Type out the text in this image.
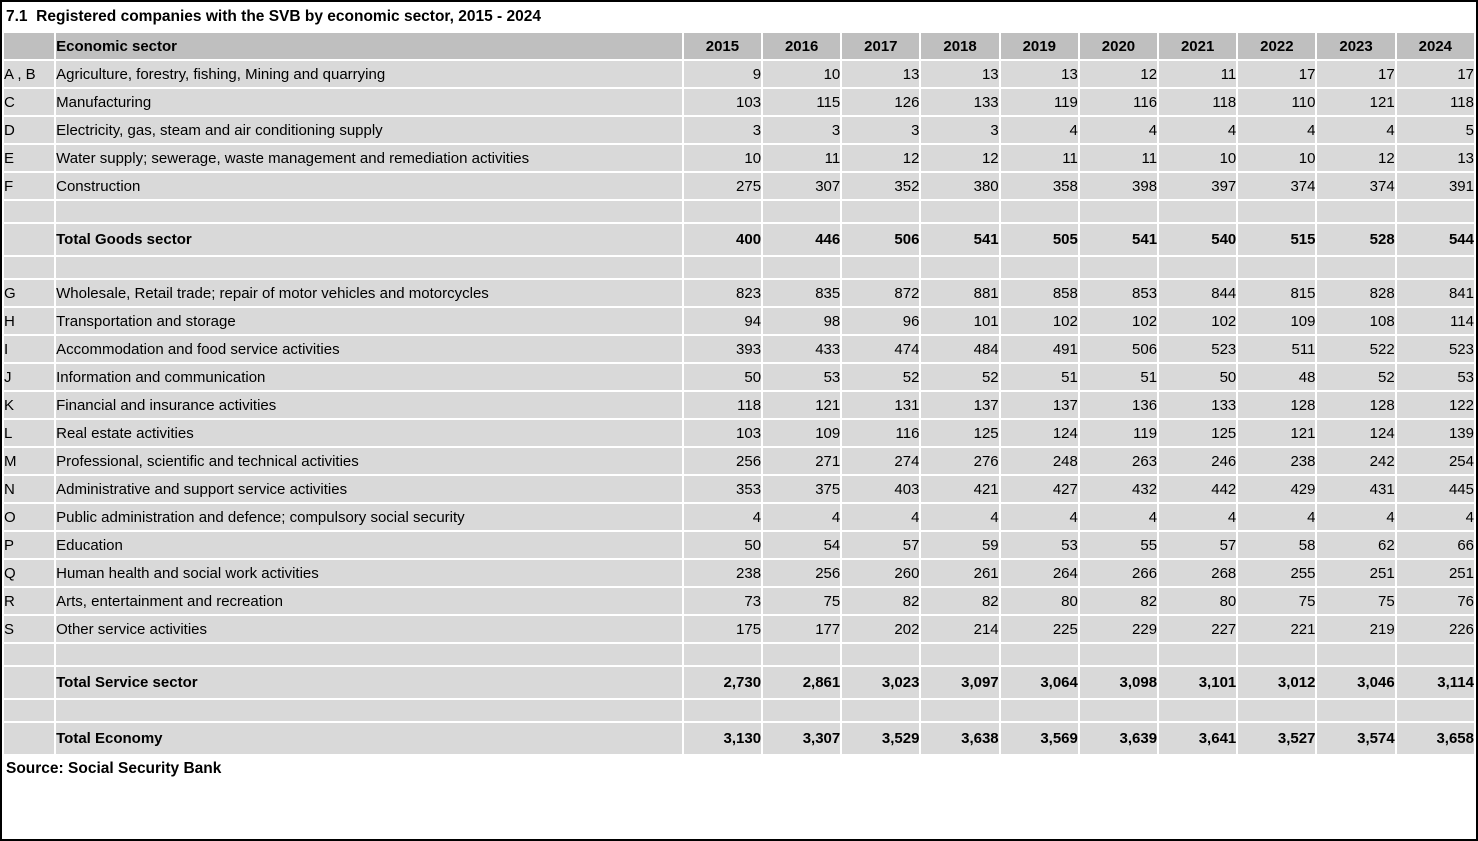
7.1  Registered companies with the SVB by economic sector, 2015 - 2024
	Economic sector	2015	2016	2017	2018	2019	2020	2021	2022	2023	2024
A , B	Agriculture, forestry, fishing, Mining and quarrying	9	10	13	13	13	12	11	17	17	17
C	Manufacturing	103	115	126	133	119	116	118	110	121	118
D	Electricity, gas, steam and air conditioning supply	3	3	3	3	4	4	4	4	4	5
E	Water supply; sewerage, waste management and remediation activities	10	11	12	12	11	11	10	10	12	13
F	Construction	275	307	352	380	358	398	397	374	374	391

	Total Goods sector	400	446	506	541	505	541	540	515	528	544

G	Wholesale, Retail trade; repair of motor vehicles and motorcycles	823	835	872	881	858	853	844	815	828	841
H	Transportation and storage	94	98	96	101	102	102	102	109	108	114
I	Accommodation and food service activities	393	433	474	484	491	506	523	511	522	523
J	Information and communication	50	53	52	52	51	51	50	48	52	53
K	Financial and insurance activities	118	121	131	137	137	136	133	128	128	122
L	Real estate activities	103	109	116	125	124	119	125	121	124	139
M	Professional, scientific and technical activities	256	271	274	276	248	263	246	238	242	254
N	Administrative and support service activities	353	375	403	421	427	432	442	429	431	445
O	Public administration and defence; compulsory social security	4	4	4	4	4	4	4	4	4	4
P	Education	50	54	57	59	53	55	57	58	62	66
Q	Human health and social work activities	238	256	260	261	264	266	268	255	251	251
R	Arts, entertainment and recreation	73	75	82	82	80	82	80	75	75	76
S	Other service activities	175	177	202	214	225	229	227	221	219	226

	Total Service sector	2,730	2,861	3,023	3,097	3,064	3,098	3,101	3,012	3,046	3,114

	Total Economy	3,130	3,307	3,529	3,638	3,569	3,639	3,641	3,527	3,574	3,658
Source: Social Security Bank
